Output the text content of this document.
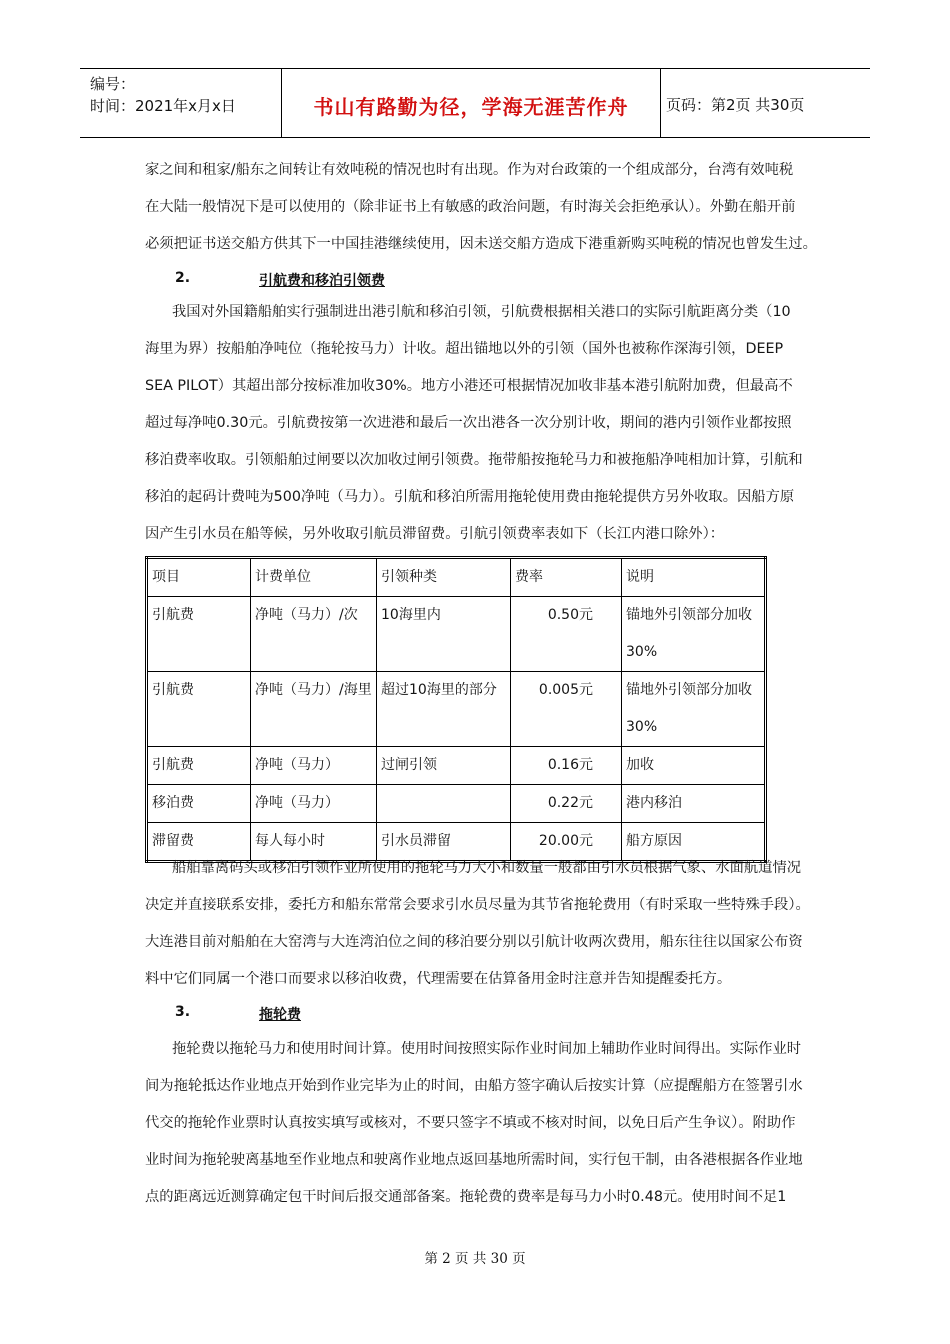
编号：
时间：2021年x月x日	书山有路勤为径，学海无涯苦作舟	页码：第2页 共30页
家之间和租家/船东之间转让有效吨税的情况也时有出现。作为对台政策的一个组成部分，台湾有效吨税
在大陆一般情况下是可以使用的（除非证书上有敏感的政治问题，有时海关会拒绝承认）。外勤在船开前
必须把证书送交船方供其下一中国挂港继续使用，因未送交船方造成下港重新购买吨税的情况也曾发生过。
2.	引航费和移泊引领费
我国对外国籍船舶实行强制进出港引航和移泊引领，引航费根据相关港口的实际引航距离分类（10
海里为界）按船舶净吨位（拖轮按马力）计收。超出锚地以外的引领（国外也被称作深海引领，DEEP
SEA PILOT）其超出部分按标准加收30%。地方小港还可根据情况加收非基本港引航附加费，但最高不
超过每净吨0.30元。引航费按第一次进港和最后一次出港各一次分别计收，期间的港内引领作业都按照
移泊费率收取。引领船舶过闸要以次加收过闸引领费。拖带船按拖轮马力和被拖船净吨相加计算，引航和
移泊的起码计费吨为500净吨（马力）。引航和移泊所需用拖轮使用费由拖轮提供方另外收取。因船方原
因产生引水员在船等候，另外收取引航员滞留费。引航引领费率表如下（长江内港口除外）：
项目	计费单位	引领种类	费率	说明

引航费	净吨（马力）/次	10海里内	0.50元	锚地外引领部分加收
30%

引航费	净吨（马力）/海里	超过10海里的部分	0.005元	锚地外引领部分加收
30%

引航费	净吨（马力）	过闸引领	0.16元	加收

移泊费	净吨（马力）		0.22元	港内移泊

滞留费	每人每小时	引水员滞留	20.00元	船方原因
船舶靠离码头或移泊引领作业所使用的拖轮马力大小和数量一般都由引水员根据气象、水面航道情况
决定并直接联系安排，委托方和船东常常会要求引水员尽量为其节省拖轮费用（有时采取一些特殊手段）。
大连港目前对船舶在大窑湾与大连湾泊位之间的移泊要分别以引航计收两次费用，船东往往以国家公布资
料中它们同属一个港口而要求以移泊收费，代理需要在估算备用金时注意并告知提醒委托方。
3.	拖轮费
拖轮费以拖轮马力和使用时间计算。使用时间按照实际作业时间加上辅助作业时间得出。实际作业时
间为拖轮抵达作业地点开始到作业完毕为止的时间，由船方签字确认后按实计算（应提醒船方在签署引水
代交的拖轮作业票时认真按实填写或核对，不要只签字不填或不核对时间，以免日后产生争议）。附助作
业时间为拖轮驶离基地至作业地点和驶离作业地点返回基地所需时间，实行包干制，由各港根据各作业地
点的距离远近测算确定包干时间后报交通部备案。拖轮费的费率是每马力小时0.48元。使用时间不足1
第 2 页 共 30 页
